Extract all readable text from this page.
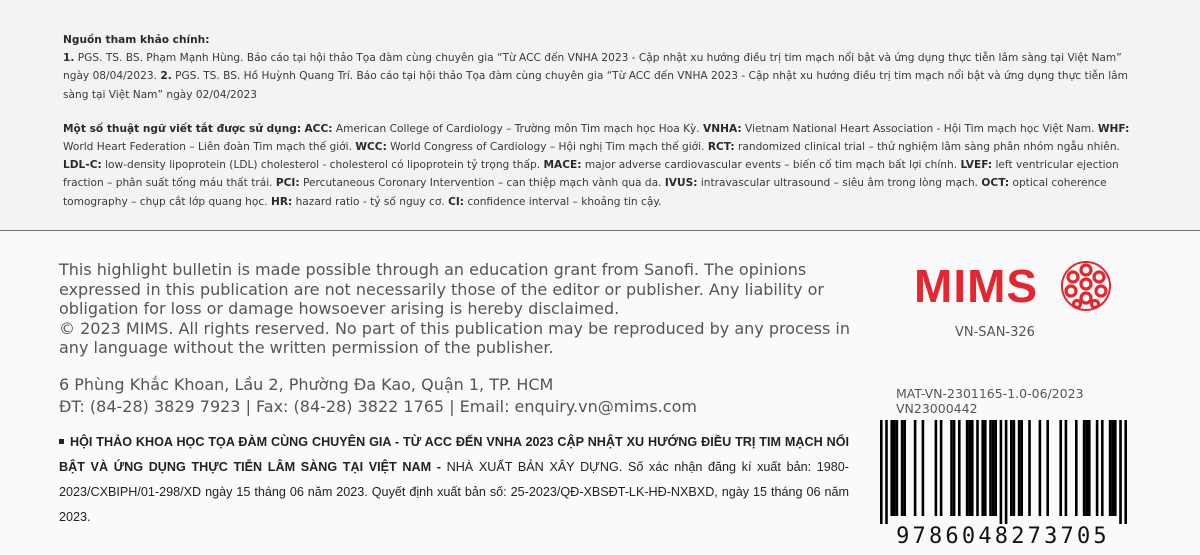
Nguồn tham khảo chính:

1. PGS. TS. BS. Phạm Mạnh Hùng. Báo cáo tại hội thảo Tọa đàm cùng chuyên gia “Từ ACC đến VNHA 2023 - Cập nhật xu hướng điều trị tim mạch nổi bật và ứng dụng thực tiễn lâm sàng tại Việt Nam” ngày 08/04/2023. 2. PGS. TS. BS. Hồ Huỳnh Quang Trí. Báo cáo tại hội thảo Tọa đàm cùng chuyên gia “Từ ACC đến VNHA 2023 - Cập nhật xu hướng điều trị tim mạch nổi bật và ứng dụng thực tiễn lâm sàng tại Việt Nam” ngày 02/04/2023

Một số thuật ngữ viết tắt được sử dụng: ACC: American College of Cardiology – Trường môn Tim mạch học Hoa Kỳ. VNHA: Vietnam National Heart Association - Hội Tim mạch học Việt Nam. WHF: World Heart Federation – Liên đoàn Tim mạch thế giới. WCC: World Congress of Cardiology – Hội nghị Tim mạch thế giới. RCT: randomized clinical trial – thử nghiệm lâm sàng phân nhóm ngẫu nhiên. LDL-C: low-density lipoprotein (LDL) cholesterol - cholesterol có lipoprotein tỷ trọng thấp. MACE: major adverse cardiovascular events – biến cố tim mạch bất lợi chính. LVEF: left ventricular ejection fraction – phân suất tống máu thất trái. PCI: Percutaneous Coronary Intervention – can thiệp mạch vành qua da. IVUS: intravascular ultrasound – siêu âm trong lòng mạch. OCT: optical coherence tomography – chụp cắt lớp quang học. HR: hazard ratio - tỷ số nguy cơ. CI: confidence interval – khoảng tin cậy.

This highlight bulletin is made possible through an education grant from Sanofi. The opinions expressed in this publication are not necessarily those of the editor or publisher. Any liability or obligation for loss or damage howsoever arising is hereby disclaimed.

© 2023 MIMS. All rights reserved. No part of this publication may be reproduced by any process in any language without the written permission of the publisher.

6 Phùng Khắc Khoan, Lầu 2, Phường Đa Kao, Quận 1, TP. HCM

ĐT: (84-28) 3829 7923 | Fax: (84-28) 3822 1765 | Email: enquiry.vn@mims.com

HỘI THẢO KHOA HỌC TỌA ĐÀM CÙNG CHUYÊN GIA - TỪ ACC ĐẾN VNHA 2023 CẬP NHẬT XU HƯỚNG ĐIỀU TRỊ TIM MẠCH NỔI BẬT VÀ ỨNG DỤNG THỰC TIỄN LÂM SÀNG TẠI VIỆT NAM - NHÀ XUẤT BẢN XÂY DỰNG. Số xác nhận đăng kí xuất bản: 1980-2023/CXBIPH/01-298/XD ngày 15 tháng 06 năm 2023. Quyết định xuất bản số: 25-2023/QĐ-XBSĐT-LK-HĐ-NXBXD, ngày 15 tháng 06 năm 2023.
MIMS
VN-SAN-326

MAT-VN-2301165-1.0-06/2023

VN23000442

9786048273705
